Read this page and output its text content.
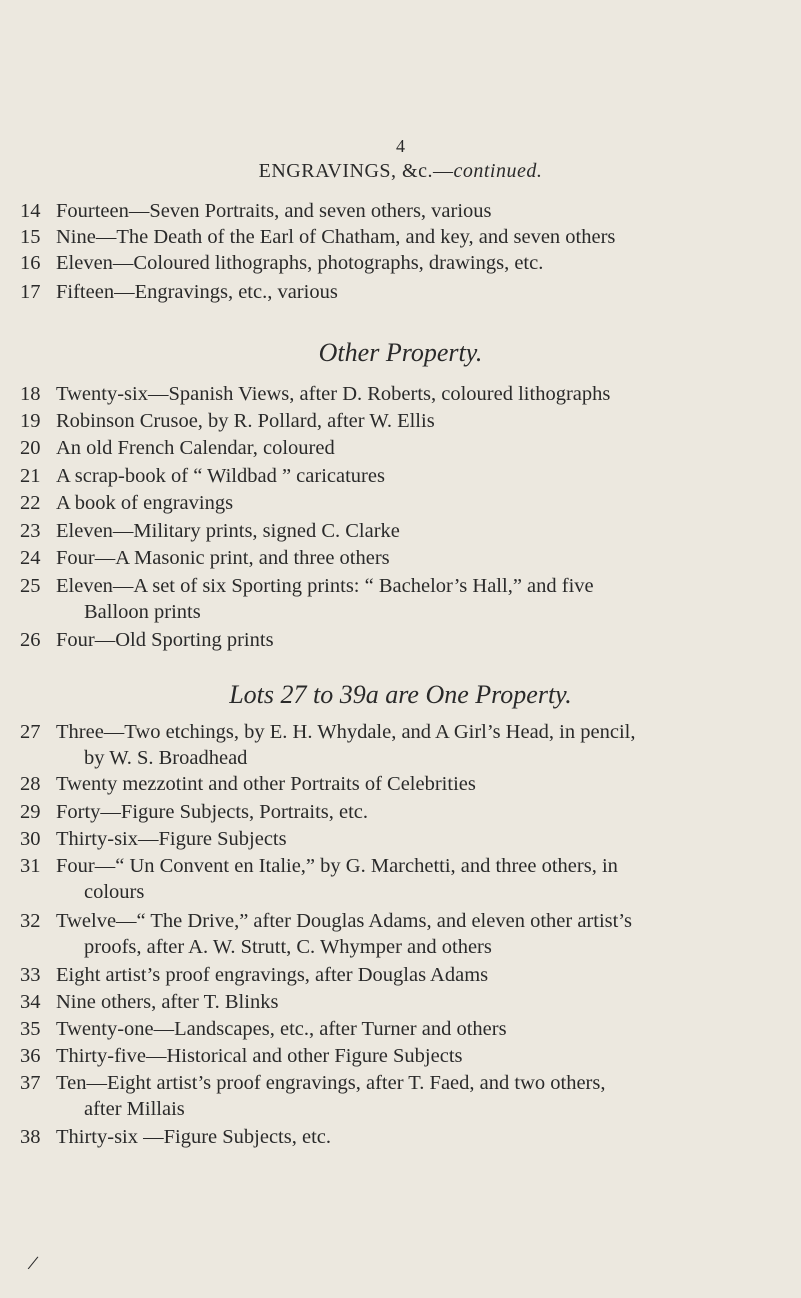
4
ENGRAVINGS, &c.—continued.
14 Fourteen—Seven Portraits, and seven others, various
15 Nine—The Death of the Earl of Chatham, and key, and seven others
16 Eleven—Coloured lithographs, photographs, drawings, etc.
17 Fifteen—Engravings, etc., various
Other Property.
18 Twenty-six—Spanish Views, after D. Roberts, coloured lithographs
19 Robinson Crusoe, by R. Pollard, after W. Ellis
20 An old French Calendar, coloured
21 A scrap-book of “ Wildbad ” caricatures
22 A book of engravings
23 Eleven—Military prints, signed C. Clarke
24 Four—A Masonic print, and three others
25 Eleven—A set of six Sporting prints: “ Bachelor’s Hall,” and five
Balloon prints
26 Four—Old Sporting prints
Lots 27 to 39a are One Property.
27 Three—Two etchings, by E. H. Whydale, and A Girl’s Head, in pencil,
by W. S. Broadhead
28 Twenty mezzotint and other Portraits of Celebrities
29 Forty—Figure Subjects, Portraits, etc.
30 Thirty-six—Figure Subjects
31 Four—“ Un Convent en Italie,” by G. Marchetti, and three others, in
colours
32 Twelve—“ The Drive,” after Douglas Adams, and eleven other artist’s
proofs, after A. W. Strutt, C. Whymper and others
33 Eight artist’s proof engravings, after Douglas Adams
34 Nine others, after T. Blinks
35 Twenty-one—Landscapes, etc., after Turner and others
36 Thirty-five—Historical and other Figure Subjects
37 Ten—Eight artist’s proof engravings, after T. Faed, and two others,
after Millais
38 Thirty-six —Figure Subjects, etc.
/
